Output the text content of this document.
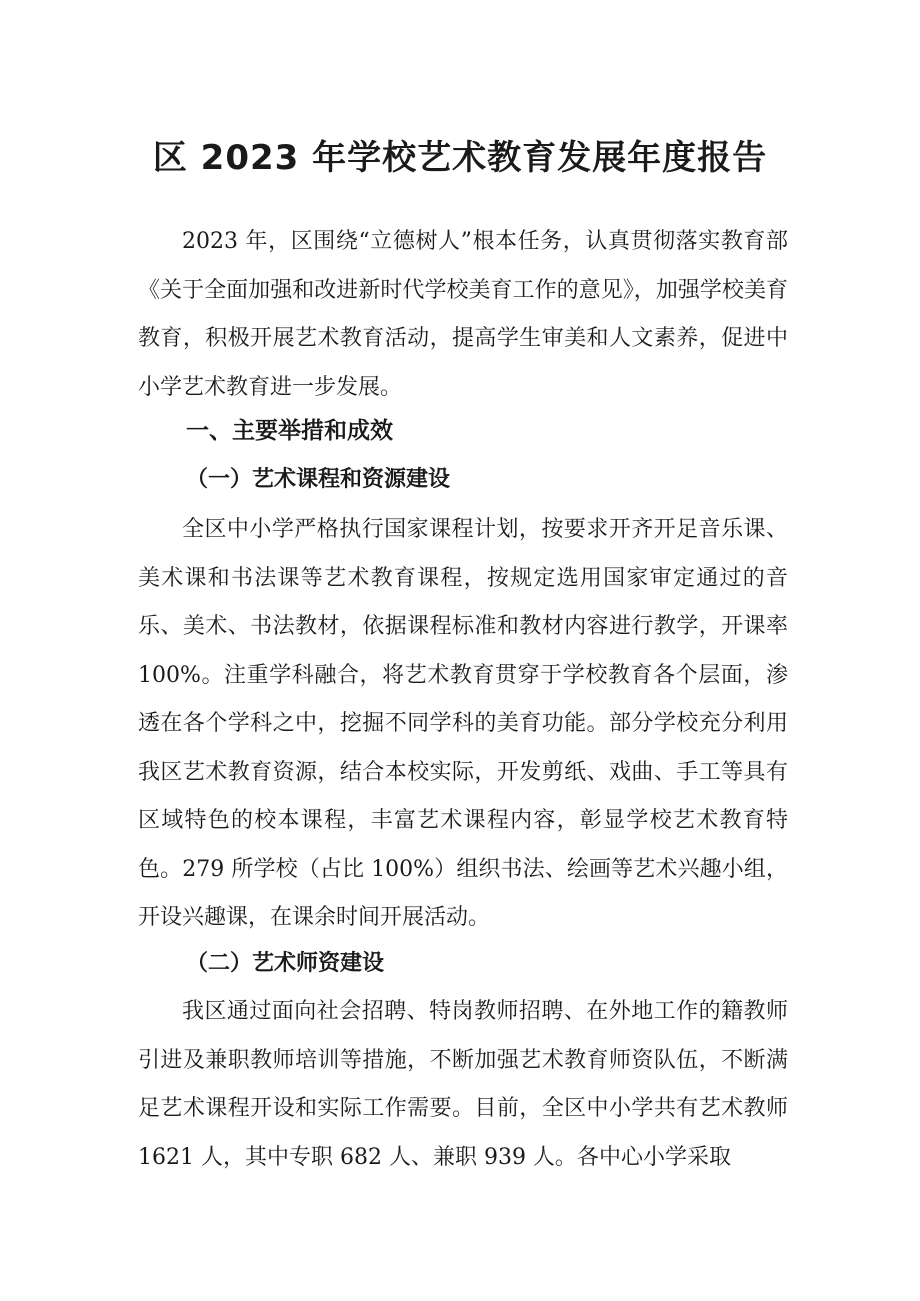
区 2023 年学校艺术教育发展年度报告

2023 年，区围绕“立德树人”根本任务，认真贯彻落实教育部《关于全面加强和改进新时代学校美育工作的意见》，加强学校美育教育，积极开展艺术教育活动，提高学生审美和人文素养，促进中小学艺术教育进一步发展。

一、主要举措和成效
（一）艺术课程和资源建设

全区中小学严格执行国家课程计划，按要求开齐开足音乐课、美术课和书法课等艺术教育课程，按规定选用国家审定通过的音乐、美术、书法教材，依据课程标准和教材内容进行教学，开课率 100%。注重学科融合，将艺术教育贯穿于学校教育各个层面，渗透在各个学科之中，挖掘不同学科的美育功能。部分学校充分利用我区艺术教育资源，结合本校实际，开发剪纸、戏曲、手工等具有区域特色的校本课程，丰富艺术课程内容，彰显学校艺术教育特色。279 所学校（占比 100%）组织书法、绘画等艺术兴趣小组，开设兴趣课，在课余时间开展活动。

（二）艺术师资建设

我区通过面向社会招聘、特岗教师招聘、在外地工作的籍教师引进及兼职教师培训等措施，不断加强艺术教育师资队伍，不断满足艺术课程开设和实际工作需要。目前，全区中小学共有艺术教师 1621 人，其中专职 682 人、兼职 939 人。各中心小学采取
